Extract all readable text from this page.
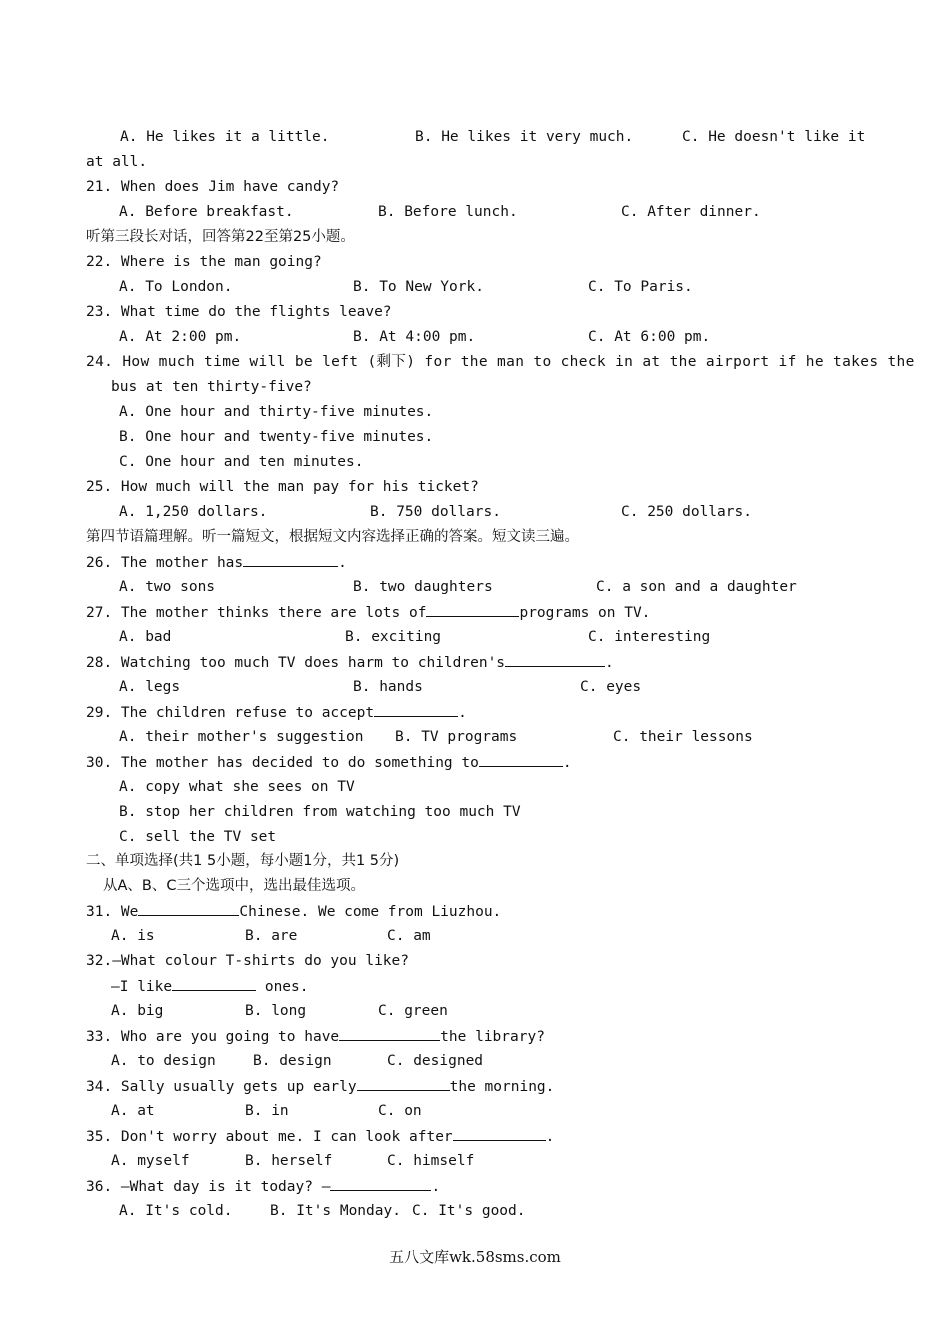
A. He likes it a little.	B. He likes it very much.	C. He doesn't like it
at all.
21. When does Jim have candy?
A. Before breakfast.	B. Before lunch.	C. After dinner.
听第三段长对话，回答第22至第25小题。
22. Where is the man going?
A. To London.	B. To New York.	C. To Paris.
23. What time do the flights leave?
A. At 2:00 pm.	B. At 4:00 pm.	C. At 6:00 pm.
24. How much time will be left (剩下) for the man to check in at the airport if he takes the
bus at ten thirty-five?
A. One hour and thirty-five minutes.
B. One hour and twenty-five minutes.
C. One hour and ten minutes.
25. How much will the man pay for his ticket?
A. 1,250 dollars.	B. 750 dollars.	C. 250 dollars.
第四节语篇理解。听一篇短文，根据短文内容选择正确的答案。短文读三遍。
26. The mother has	.
A. two sons	B. two daughters	C. a son and a daughter
27. The mother thinks there are lots of	programs on TV.
A. bad	B. exciting	C. interesting
28. Watching too much TV does harm to children's	.
A. legs	B. hands	C. eyes
29. The children refuse to accept	.
A. their mother's suggestion B. TV programs	C. their lessons
30. The mother has decided to do something to	.
A. copy what she sees on TV
B. stop her children from watching too much TV
C. sell the TV set
二、单项选择(共1 5小题，每小题1分，共1 5分)
从A、B、C三个选项中，选出最佳选项。
31. We	Chinese. We come from Liuzhou.
A. is	B. are	C. am
32.—What colour T-shirts do you like?
—I like	ones.
A. big	B. long	C. green
33. Who are you going to have	the library?
A. to design	B. design	C. designed
34. Sally usually gets up early	the morning.
A. at	B. in	C. on
35. Don't worry about me. I can look after	.
A. myself	B. herself	C. himself
36. —What day is it today? —	.
A. It's cold.	B. It's Monday. C. It's good.
五八文库wk.58sms.com
